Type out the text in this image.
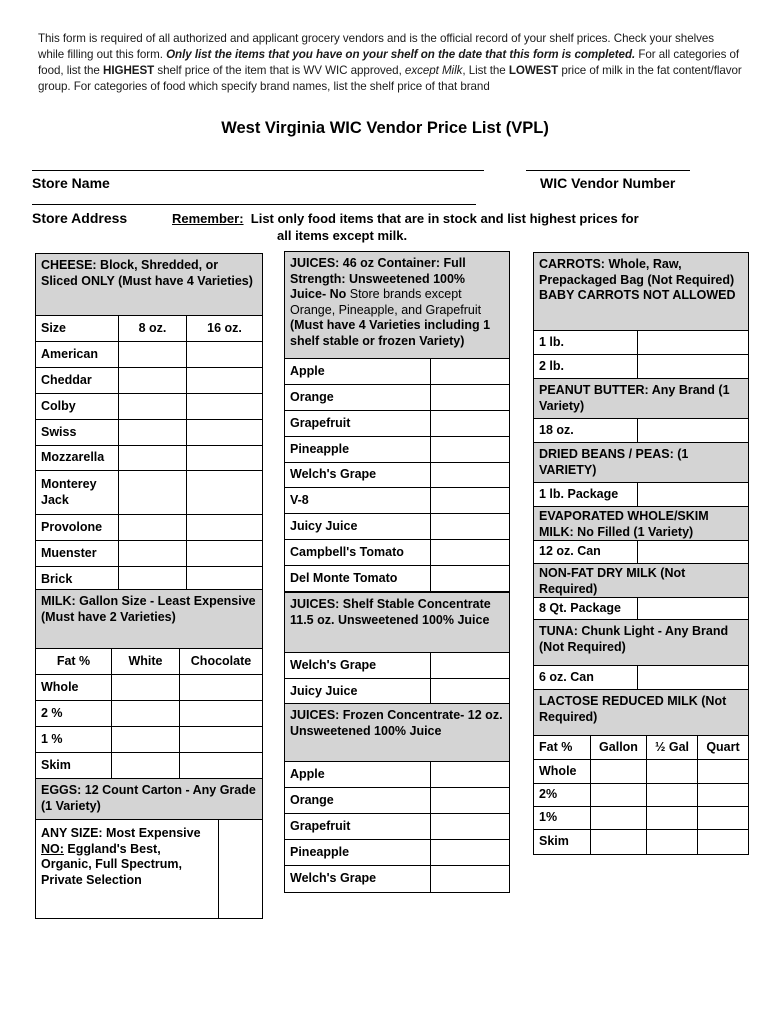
This form is required of all authorized and applicant grocery vendors and is the official record of your shelf prices. Check your shelves while filling out this form. Only list the items that you have on your shelf on the date that this form is completed. For all categories of food, list the HIGHEST shelf price of the item that is WV WIC approved, except Milk, List the LOWEST price of milk in the fat content/flavor group. For categories of food which specify brand names, list the shelf price of that brand
West Virginia WIC Vendor Price List (VPL)
Store Name	WIC Vendor Number
Store Address	Remember: List only food items that are in stock and list highest prices for
all items except milk.
CHEESE: Block, Shredded, or Sliced ONLY (Must have 4 Varieties)
Size	8 oz.	16 oz.
American
Cheddar
Colby
Swiss
Mozzarella
Monterey Jack
Provolone
Muenster
Brick
MILK: Gallon Size - Least Expensive (Must have 2 Varieties)
Fat %	White	Chocolate
Whole
2 %
1 %
Skim
EGGS: 12 Count Carton - Any Grade (1 Variety)
ANY SIZE: Most Expensive NO: Eggland's Best, Organic, Full Spectrum, Private Selection
JUICES: 46 oz Container: Full Strength: Unsweetened 100% Juice- No Store brands except Orange, Pineapple, and Grapefruit (Must have 4 Varieties including 1 shelf stable or frozen Variety)
Apple
Orange
Grapefruit
Pineapple
Welch's Grape
V-8
Juicy Juice
Campbell's Tomato
Del Monte Tomato
JUICES: Shelf Stable Concentrate 11.5 oz. Unsweetened 100% Juice
Welch's Grape
Juicy Juice
JUICES: Frozen Concentrate- 12 oz. Unsweetened 100% Juice
Apple
Orange
Grapefruit
Pineapple
Welch's Grape
CARROTS: Whole, Raw, Prepackaged Bag (Not Required) BABY CARROTS NOT ALLOWED
1 lb.
2 lb.
PEANUT BUTTER: Any Brand (1 Variety)
18 oz.
DRIED BEANS / PEAS: (1 VARIETY)
1 lb. Package
EVAPORATED WHOLE/SKIM MILK: No Filled (1 Variety)
12 oz. Can
NON-FAT DRY MILK (Not Required)
8 Qt. Package
TUNA: Chunk Light - Any Brand (Not Required)
6 oz. Can
LACTOSE REDUCED MILK (Not Required)
Fat %	Gallon	½ Gal	Quart
Whole
2%
1%
Skim
